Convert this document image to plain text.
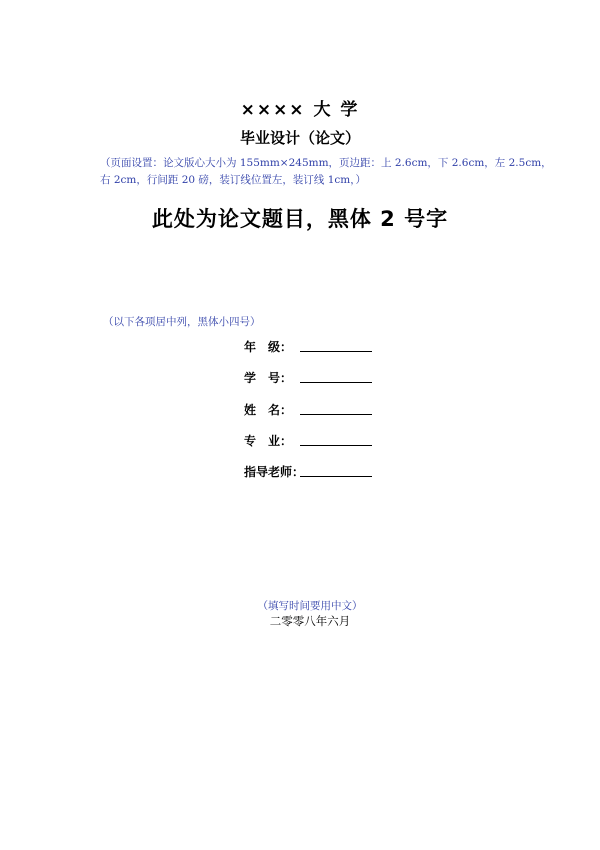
×××× 大 学
毕业设计（论文）
（页面设置：论文版心大小为 155mm×245mm，页边距：上 2.6cm，下 2.6cm，左 2.5cm，右 2cm，行间距 20 磅，装订线位置左，装订线 1cm，）
此处为论文题目，黑体 2 号字
（以下各项居中列，黑体小四号）
年　级：
学　号：
姓　名：
专　业：
指导老师：
（填写时间要用中文）
二零零八年六月
